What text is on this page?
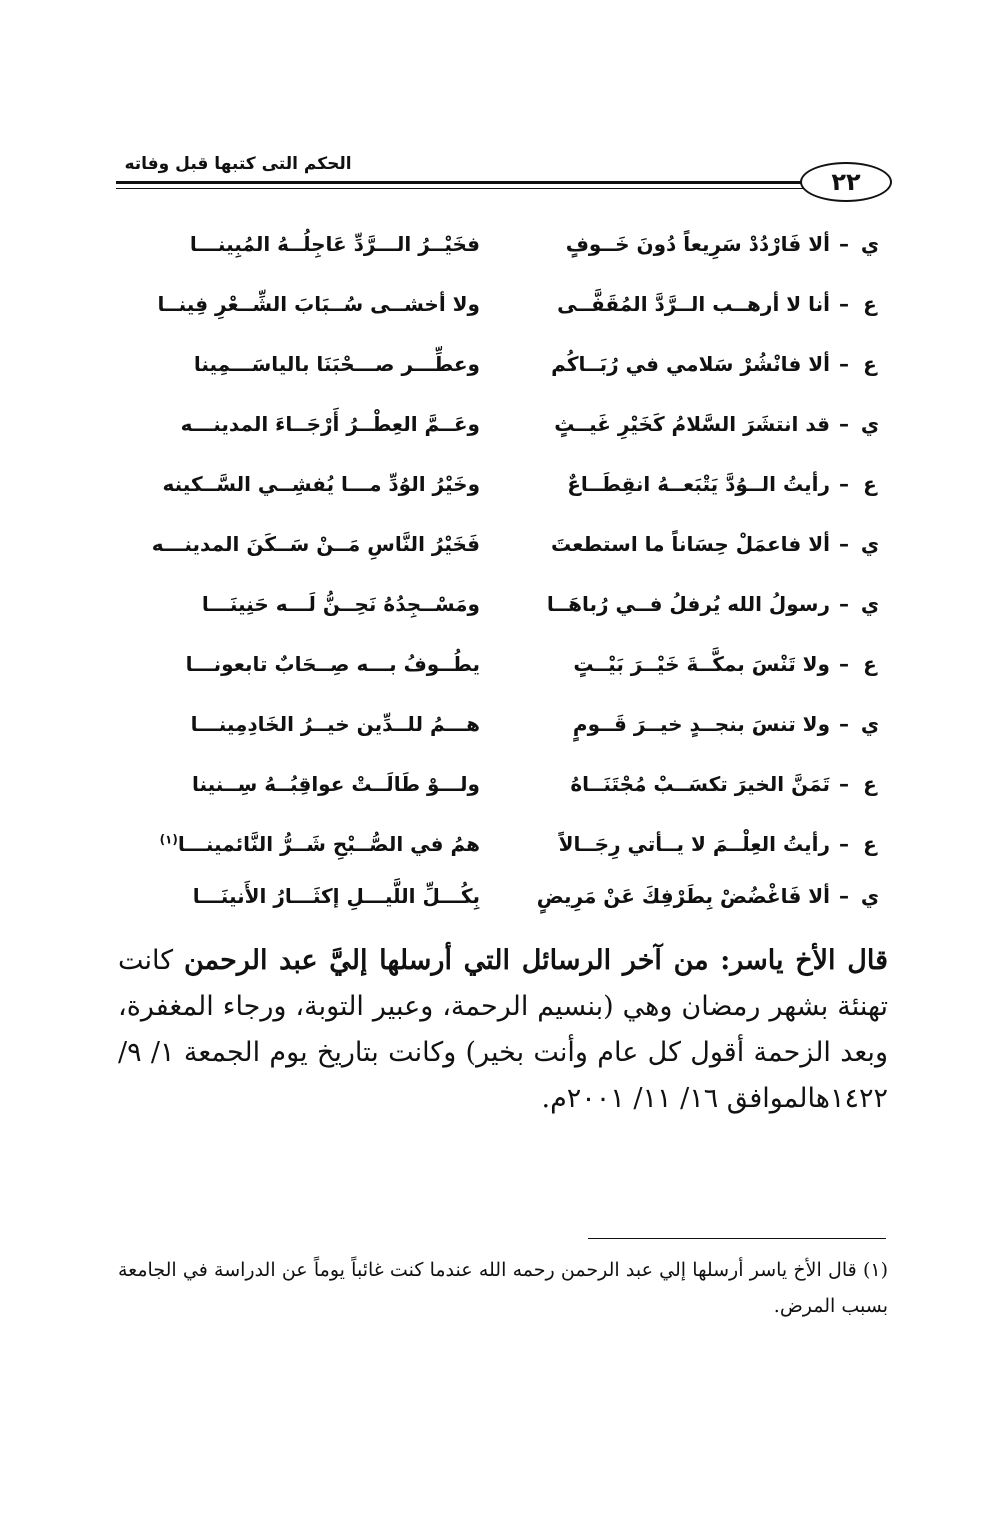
الحكم التى كتبها قبل وفاته
٢٢
ي
–
ألا فَارْدُدْ سَرِيعاً دُونَ خَــوفٍ
فخَيْــرُ الـــرَّدِّ عَاجِلُــهُ المُبِينـــا
ع
–
أنا لا أرهــب الــرَّدَّ المُقَفَّــى
ولا أخشــى سُــبَابَ الشِّــعْرِ فِينــا
ع
–
ألا فانْشُرْ سَلامي في رُبَــاكُم
وعطِّـــر صـــحْبَنَا بالياسَـــمِينا
ي
–
قد انتشَرَ السَّلامُ كَخَيْرِ غَيــثٍ
وعَــمَّ العِطْــرُ أَرْجَــاءَ المدينـــه
ع
–
رأيتُ الــوُدَّ يَتْبَعــهُ انقِطَــاعٌ
وخَيْرُ الوُدِّ مـــا يُفشِــي السَّــكينه
ي
–
ألا فاعمَلْ حِسَاناً ما استطعتَ
فَخَيْرُ النَّاسِ مَــنْ سَــكَنَ المدينـــه
ي
–
رسولُ الله يُرفلُ فــي رُباهَــا
ومَسْــجِدُهُ نَحِــنُّ لَـــه حَنِينَـــا
ع
–
ولا تَنْسَ بمكَّــةَ خَيْــرَ بَيْــتٍ
يطُــوفُ بـــه صِــحَابٌ تابعونـــا
ي
–
ولا تنسَ بنجــدٍ خيــرَ قَــومٍ
هـــمُ للــدِّين خيــرُ الخَادِمِينـــا
ع
–
تَمَنَّ الخيرَ تكسَــبْ مُجْتَنَــاهُ
ولـــوْ طَالَــتْ عواقِبُــهُ سِــنينا
ع
–
رأيتُ العِلْــمَ لا يــأتي رِجَــالاً
همُ في الصُّــبْحِ شَــرُّ النَّائمينـــا$^{(١)}$
ي
–
ألا فَاغْضُضْ بِطَرْفِكَ عَنْ مَرِيضٍ
بِكُـــلِّ اللَّيـــلِ إكثَـــارُ الأَنينَـــا
قال الأخ ياسر: من آخر الرسائل التي أرسلها إليَّ عبد الرحمن كانت تهنئة بشهر رمضان وهي (بنسيم الرحمة، وعبير التوبة، ورجاء المغفرة، وبعد الزحمة أقول كل عام وأنت بخير) وكانت بتاريخ يوم الجمعة ١/ ٩/ ١٤٢٢هالموافق ١٦/ ١١/ ٢٠٠١م.
(١) قال الأخ ياسر أرسلها إلي عبد الرحمن رحمه الله عندما كنت غائباً يوماً عن الدراسة في الجامعة بسبب المرض.
